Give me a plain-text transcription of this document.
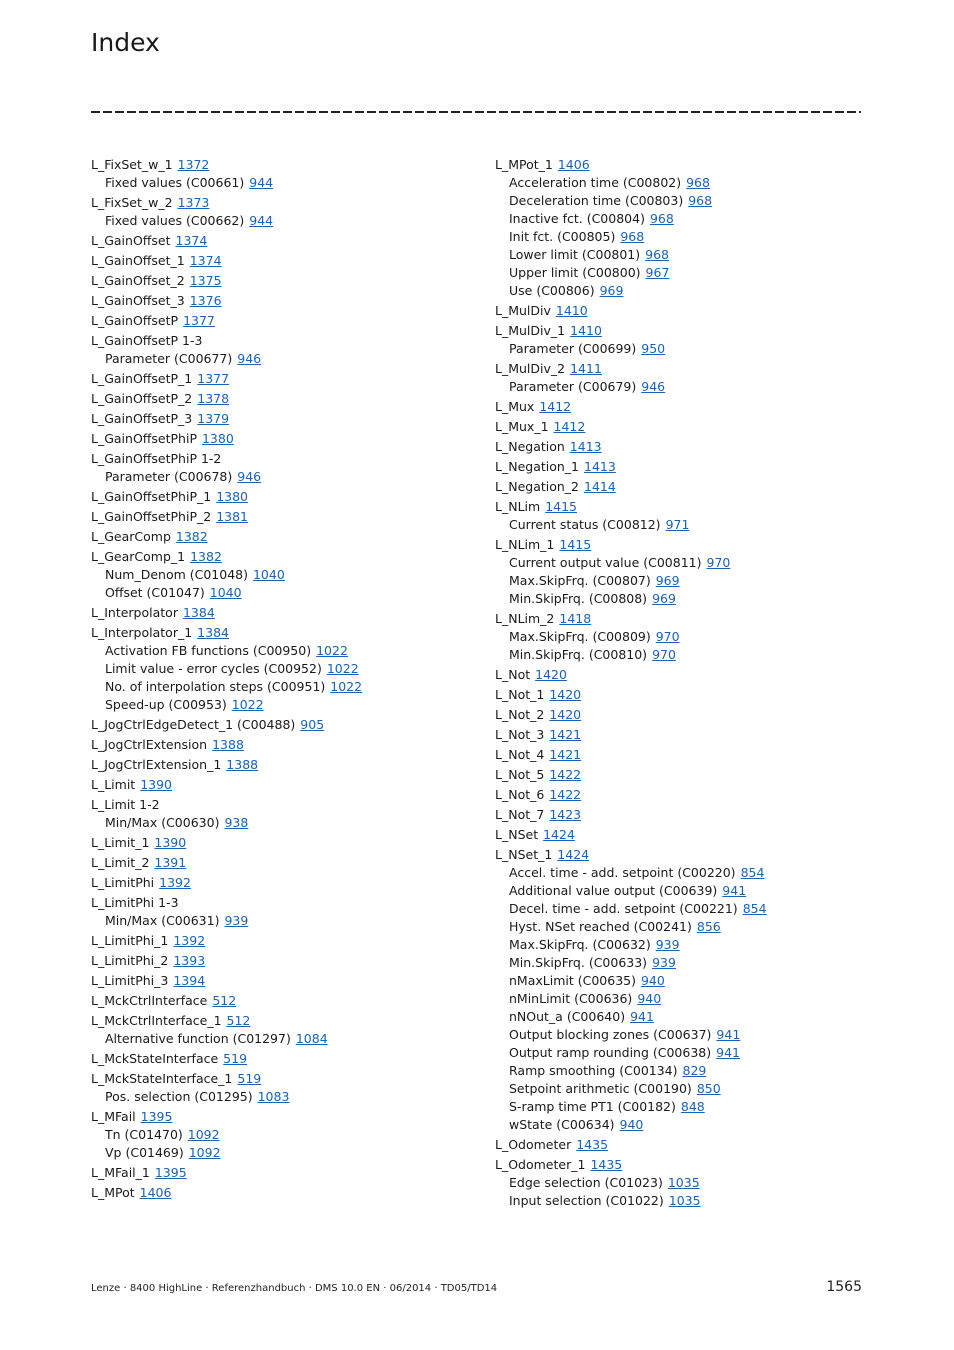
Index
L_FixSet_w_1 1372
Fixed values (C00661) 944
L_FixSet_w_2 1373
Fixed values (C00662) 944
L_GainOffset 1374
L_GainOffset_1 1374
L_GainOffset_2 1375
L_GainOffset_3 1376
L_GainOffsetP 1377
L_GainOffsetP 1-3
Parameter (C00677) 946
L_GainOffsetP_1 1377
L_GainOffsetP_2 1378
L_GainOffsetP_3 1379
L_GainOffsetPhiP 1380
L_GainOffsetPhiP 1-2
Parameter (C00678) 946
L_GainOffsetPhiP_1 1380
L_GainOffsetPhiP_2 1381
L_GearComp 1382
L_GearComp_1 1382
Num_Denom (C01048) 1040
Offset (C01047) 1040
L_Interpolator 1384
L_Interpolator_1 1384
Activation FB functions (C00950) 1022
Limit value - error cycles (C00952) 1022
No. of interpolation steps (C00951) 1022
Speed-up (C00953) 1022
L_JogCtrlEdgeDetect_1 (C00488) 905
L_JogCtrlExtension 1388
L_JogCtrlExtension_1 1388
L_Limit 1390
L_Limit 1-2
Min/Max (C00630) 938
L_Limit_1 1390
L_Limit_2 1391
L_LimitPhi 1392
L_LimitPhi 1-3
Min/Max (C00631) 939
L_LimitPhi_1 1392
L_LimitPhi_2 1393
L_LimitPhi_3 1394
L_MckCtrlInterface 512
L_MckCtrlInterface_1 512
Alternative function (C01297) 1084
L_MckStateInterface 519
L_MckStateInterface_1 519
Pos. selection (C01295) 1083
L_MFail 1395
Tn (C01470) 1092
Vp (C01469) 1092
L_MFail_1 1395
L_MPot 1406
L_MPot_1 1406
Acceleration time (C00802) 968
Deceleration time (C00803) 968
Inactive fct. (C00804) 968
Init fct. (C00805) 968
Lower limit (C00801) 968
Upper limit (C00800) 967
Use (C00806) 969
L_MulDiv 1410
L_MulDiv_1 1410
Parameter (C00699) 950
L_MulDiv_2 1411
Parameter (C00679) 946
L_Mux 1412
L_Mux_1 1412
L_Negation 1413
L_Negation_1 1413
L_Negation_2 1414
L_NLim 1415
Current status (C00812) 971
L_NLim_1 1415
Current output value (C00811) 970
Max.SkipFrq. (C00807) 969
Min.SkipFrq. (C00808) 969
L_NLim_2 1418
Max.SkipFrq. (C00809) 970
Min.SkipFrq. (C00810) 970
L_Not 1420
L_Not_1 1420
L_Not_2 1420
L_Not_3 1421
L_Not_4 1421
L_Not_5 1422
L_Not_6 1422
L_Not_7 1423
L_NSet 1424
L_NSet_1 1424
Accel. time - add. setpoint (C00220) 854
Additional value output (C00639) 941
Decel. time - add. setpoint (C00221) 854
Hyst. NSet reached (C00241) 856
Max.SkipFrq. (C00632) 939
Min.SkipFrq. (C00633) 939
nMaxLimit (C00635) 940
nMinLimit (C00636) 940
nNOut_a (C00640) 941
Output blocking zones (C00637) 941
Output ramp rounding (C00638) 941
Ramp smoothing (C00134) 829
Setpoint arithmetic (C00190) 850
S-ramp time PT1 (C00182) 848
wState (C00634) 940
L_Odometer 1435
L_Odometer_1 1435
Edge selection (C01023) 1035
Input selection (C01022) 1035
Lenze · 8400 HighLine · Referenzhandbuch · DMS 10.0 EN · 06/2014 · TD05/TD14	1565
